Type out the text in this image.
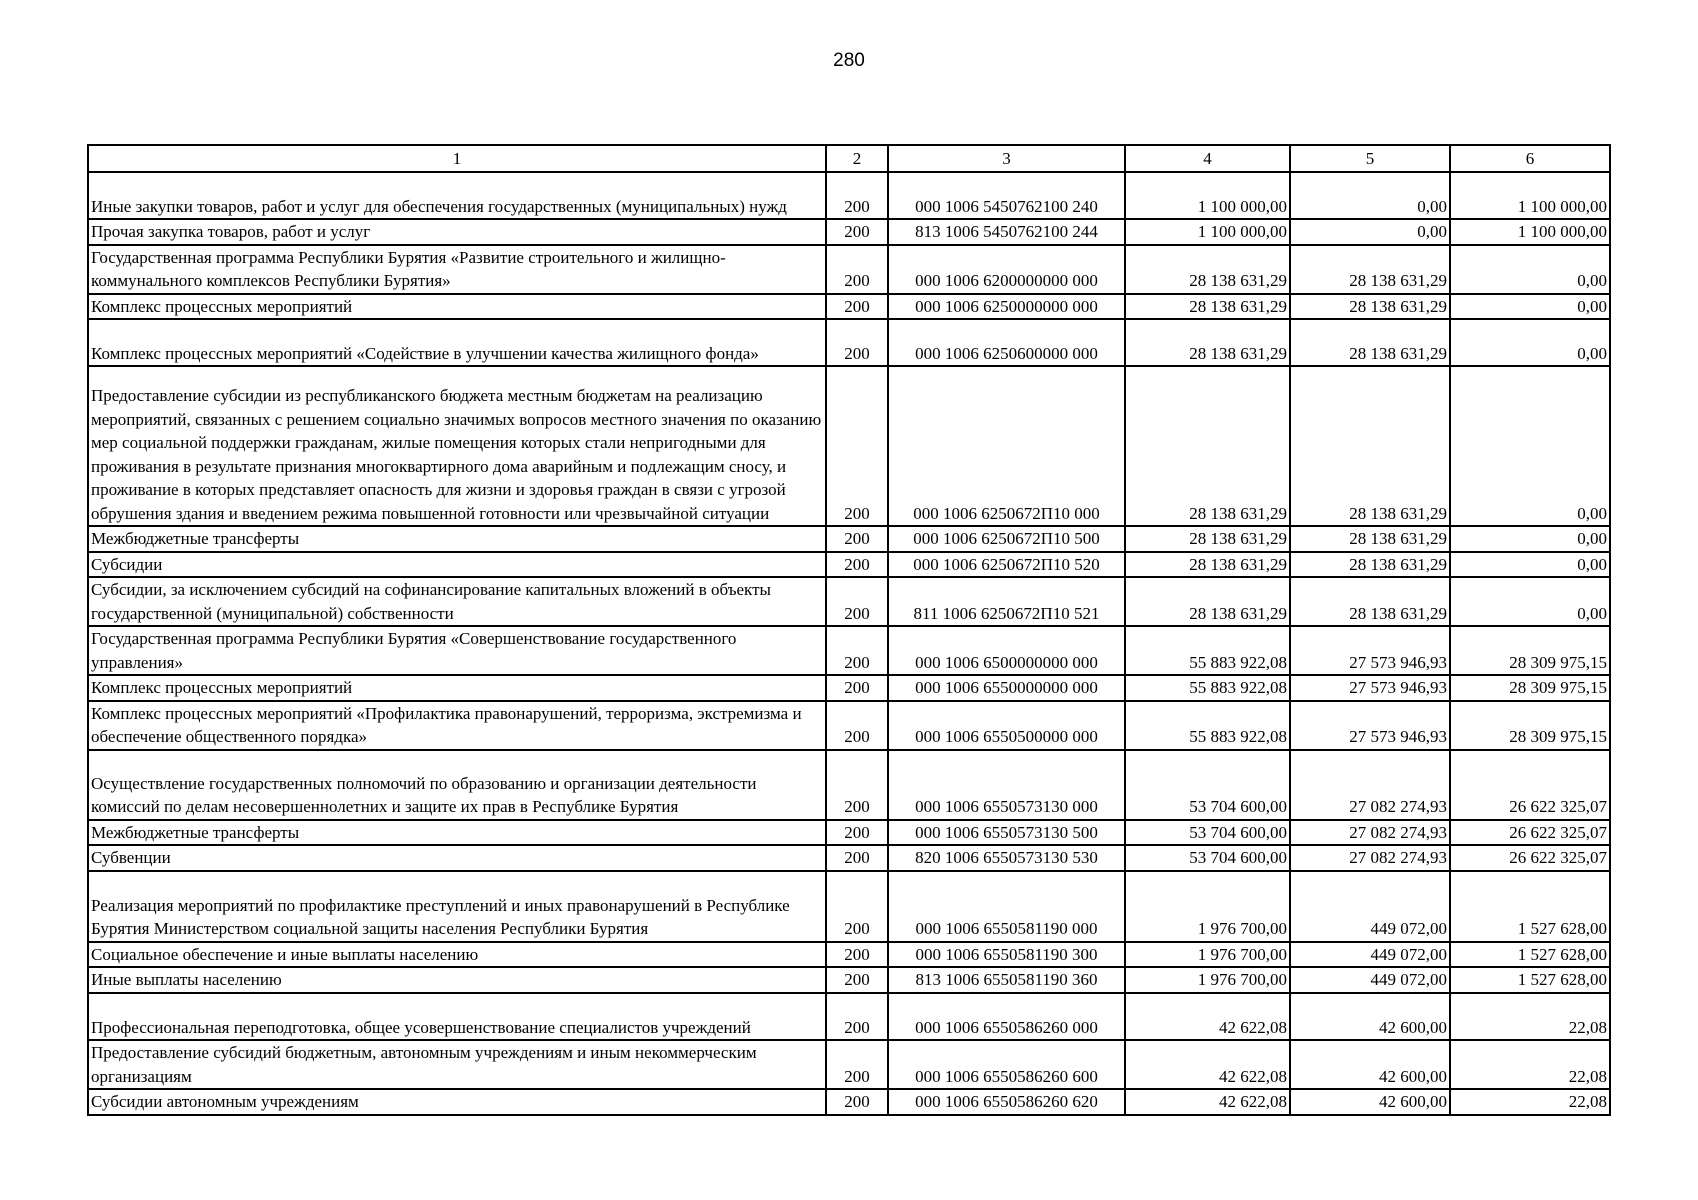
280
1	2	3	4	5	6
Иные закупки товаров, работ и услуг для обеспечения государственных (муниципальных) нужд	200	000 1006 5450762100 240	1 100 000,00	0,00	1 100 000,00
Прочая закупка товаров, работ и услуг	200	813 1006 5450762100 244	1 100 000,00	0,00	1 100 000,00
Государственная программа Республики Бурятия «Развитие строительного и жилищно-коммунального комплексов Республики Бурятия»	200	000 1006 6200000000 000	28 138 631,29	28 138 631,29	0,00
Комплекс процессных мероприятий	200	000 1006 6250000000 000	28 138 631,29	28 138 631,29	0,00
Комплекс процессных мероприятий «Содействие в улучшении качества жилищного фонда»	200	000 1006 6250600000 000	28 138 631,29	28 138 631,29	0,00
Предоставление субсидии из республиканского бюджета местным бюджетам на реализацию мероприятий, связанных с решением социально значимых вопросов местного значения по оказанию мер социальной поддержки гражданам, жилые помещения которых стали непригодными для проживания в результате признания многоквартирного дома аварийным и подлежащим сносу, и проживание в которых представляет опасность для жизни и здоровья граждан в связи с угрозой обрушения здания и введением режима повышенной готовности или чрезвычайной ситуации	200	000 1006 6250672П10 000	28 138 631,29	28 138 631,29	0,00
Межбюджетные трансферты	200	000 1006 6250672П10 500	28 138 631,29	28 138 631,29	0,00
Субсидии	200	000 1006 6250672П10 520	28 138 631,29	28 138 631,29	0,00
Субсидии, за исключением субсидий на софинансирование капитальных вложений в объекты государственной (муниципальной) собственности	200	811 1006 6250672П10 521	28 138 631,29	28 138 631,29	0,00
Государственная программа Республики Бурятия «Совершенствование государственного управления»	200	000 1006 6500000000 000	55 883 922,08	27 573 946,93	28 309 975,15
Комплекс процессных мероприятий	200	000 1006 6550000000 000	55 883 922,08	27 573 946,93	28 309 975,15
Комплекс процессных мероприятий «Профилактика правонарушений, терроризма, экстремизма и обеспечение общественного порядка»	200	000 1006 6550500000 000	55 883 922,08	27 573 946,93	28 309 975,15
Осуществление государственных полномочий по образованию и организации деятельности комиссий по делам несовершеннолетних и защите их прав в Республике Бурятия	200	000 1006 6550573130 000	53 704 600,00	27 082 274,93	26 622 325,07
Межбюджетные трансферты	200	000 1006 6550573130 500	53 704 600,00	27 082 274,93	26 622 325,07
Субвенции	200	820 1006 6550573130 530	53 704 600,00	27 082 274,93	26 622 325,07
Реализация мероприятий по профилактике преступлений и иных правонарушений в Республике Бурятия Министерством социальной защиты населения Республики Бурятия	200	000 1006 6550581190 000	1 976 700,00	449 072,00	1 527 628,00
Социальное обеспечение и иные выплаты населению	200	000 1006 6550581190 300	1 976 700,00	449 072,00	1 527 628,00
Иные выплаты населению	200	813 1006 6550581190 360	1 976 700,00	449 072,00	1 527 628,00
Профессиональная переподготовка, общее усовершенствование специалистов учреждений	200	000 1006 6550586260 000	42 622,08	42 600,00	22,08
Предоставление субсидий бюджетным, автономным учреждениям и иным некоммерческим организациям	200	000 1006 6550586260 600	42 622,08	42 600,00	22,08
Субсидии автономным учреждениям	200	000 1006 6550586260 620	42 622,08	42 600,00	22,08
